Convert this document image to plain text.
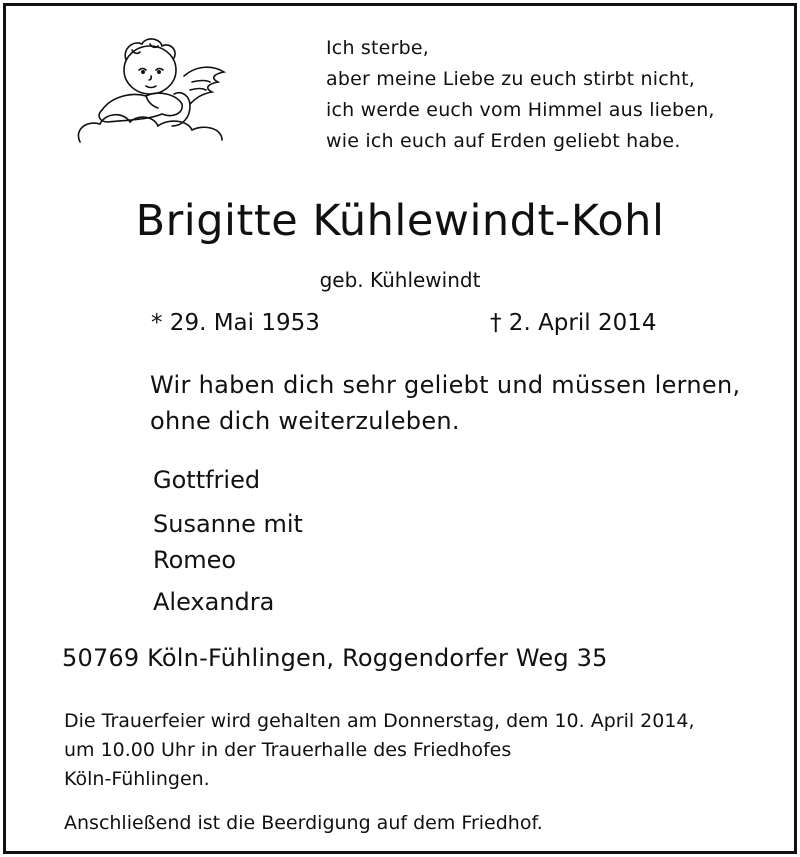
Ich sterbe,
aber meine Liebe zu euch stirbt nicht,
ich werde euch vom Himmel aus lieben,
wie ich euch auf Erden geliebt habe.
Brigitte Kühlewindt-Kohl
geb. Kühlewindt
* 29. Mai 1953	† 2. April 2014
Wir haben dich sehr geliebt und müssen lernen,
ohne dich weiterzuleben.
Gottfried
Susanne mit
Romeo
Alexandra
50769 Köln-Fühlingen, Roggendorfer Weg 35
Die Trauerfeier wird gehalten am Donnerstag, dem 10. April 2014,
um 10.00 Uhr in der Trauerhalle des Friedhofes
Köln-Fühlingen.
Anschließend ist die Beerdigung auf dem Friedhof.
